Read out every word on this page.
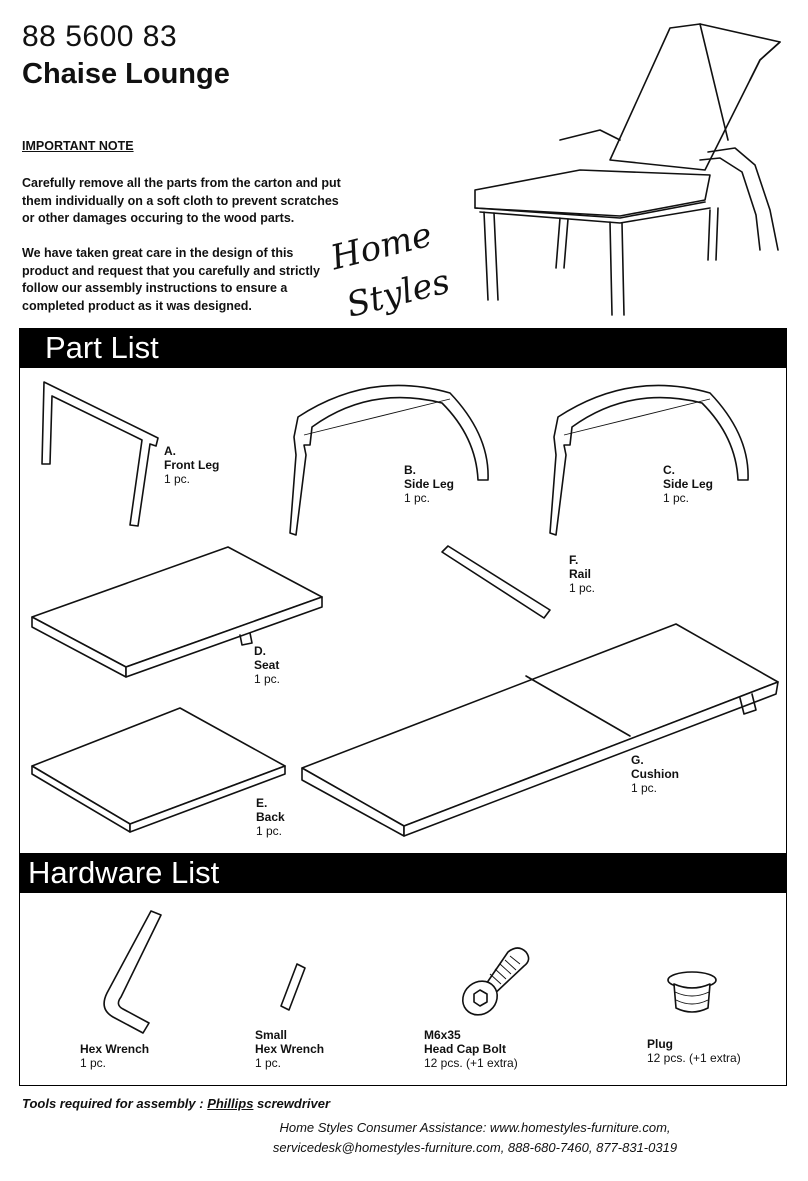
88 5600 83
Chaise Lounge
IMPORTANT NOTE
Carefully remove all the parts from the carton and put them individually on a soft cloth to prevent scratches or other damages occuring to the wood parts.
We have taken great care in the design of this product and request that you carefully and strictly follow our assembly instructions to ensure a completed product as it was designed.
Home
Styles
Part List
A.
Front Leg
1 pc.
B.
Side Leg
1 pc.
C.
Side Leg
1 pc.
D.
Seat
1 pc.
F.
Rail
1 pc.
E.
Back
1 pc.
G.
Cushion
1 pc.
Hardware List
Hex Wrench
1 pc.
Small
Hex Wrench
1 pc.
M6x35
Head Cap Bolt
12 pcs. (+1 extra)
Plug
12 pcs. (+1 extra)
Tools required for assembly : Phillips screwdriver
Home Styles Consumer Assistance: www.homestyles-furniture.com,
servicedesk@homestyles-furniture.com, 888-680-7460, 877-831-0319
